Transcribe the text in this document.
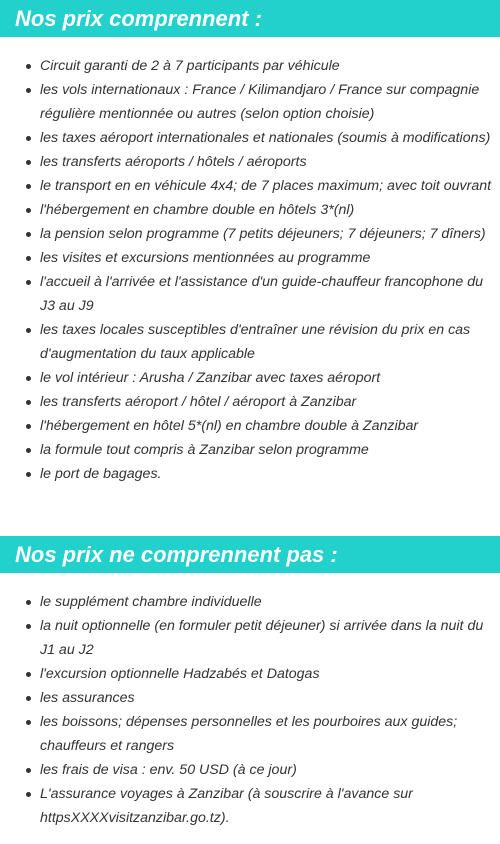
Nos prix comprennent :
Circuit garanti de 2 à 7 participants par véhicule
les vols internationaux : France / Kilimandjaro / France sur compagnie régulière mentionnée ou autres (selon option choisie)
les taxes aéroport internationales et nationales (soumis à modifications)
les transferts aéroports / hôtels / aéroports
le transport en en véhicule 4x4; de 7 places maximum; avec toit ouvrant
l'hébergement en chambre double en hôtels 3*(nl)
la pension selon programme (7 petits déjeuners; 7 déjeuners; 7 dîners)
les visites et excursions mentionnées au programme
l'accueil à l'arrivée et l'assistance d'un guide-chauffeur francophone du J3 au J9
les taxes locales susceptibles d'entraîner une révision du prix en cas d'augmentation du taux applicable
le vol intérieur : Arusha / Zanzibar avec taxes aéroport
les transferts aéroport / hôtel / aéroport à Zanzibar
l'hébergement en hôtel 5*(nl) en chambre double à Zanzibar
la formule tout compris à Zanzibar selon programme
le port de bagages.
Nos prix ne comprennent pas :
le supplément chambre individuelle
la nuit optionnelle (en formuler petit déjeuner) si arrivée dans la nuit du J1 au J2
l'excursion optionnelle Hadzabés et Datogas
les assurances
les boissons; dépenses personnelles et les pourboires aux guides; chauffeurs et rangers
les frais de visa : env. 50 USD (à ce jour)
L'assurance voyages à Zanzibar (à souscrire à l'avance sur httpsXXXXvisitzanzibar.go.tz).
